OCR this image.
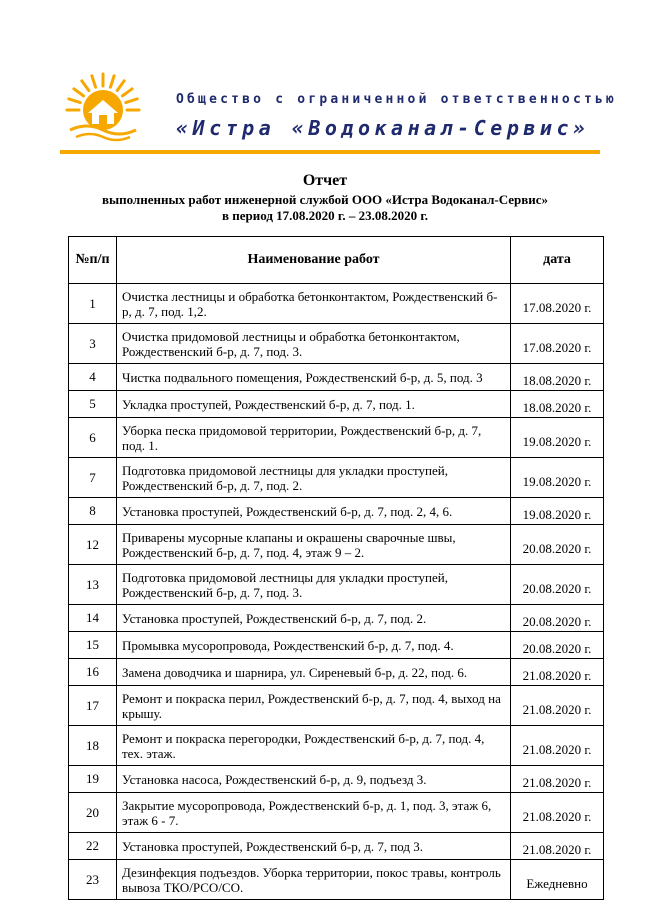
Общество с ограниченной ответственностью
«Истра «Водоканал-Сервис»
Отчет
выполненных работ инженерной службой ООО «Истра Водоканал-Сервис»
в период 17.08.2020 г. – 23.08.2020 г.
№п/п	Наименование работ	дата
1	Очистка лестницы и обработка бетонконтактом, Рождественский б-р, д. 7, под. 1,2.	17.08.2020 г.
3	Очистка придомовой лестницы и обработка бетонконтактом, Рождественский б-р, д. 7, под. 3.	17.08.2020 г.
4	Чистка подвального помещения, Рождественский б-р, д. 5, под. 3	18.08.2020 г.
5	Укладка проступей, Рождественский б-р, д. 7, под. 1.	18.08.2020 г.
6	Уборка песка придомовой территории, Рождественский б-р, д. 7, под. 1.	19.08.2020 г.
7	Подготовка придомовой лестницы для укладки проступей, Рождественский б-р, д. 7, под. 2.	19.08.2020 г.
8	Установка проступей, Рождественский б-р, д. 7, под. 2, 4, 6.	19.08.2020 г.
12	Приварены мусорные клапаны и окрашены сварочные швы, Рождественский б-р, д. 7, под. 4, этаж 9 – 2.	20.08.2020 г.
13	Подготовка придомовой лестницы для укладки проступей, Рождественский б-р, д. 7, под. 3.	20.08.2020 г.
14	Установка проступей, Рождественский б-р, д. 7, под. 2.	20.08.2020 г.
15	Промывка мусоропровода, Рождественский б-р, д. 7, под. 4.	20.08.2020 г.
16	Замена доводчика и шарнира, ул. Сиреневый б-р, д. 22, под. 6.	21.08.2020 г.
17	Ремонт и покраска перил, Рождественский б-р, д. 7, под. 4, выход на крышу.	21.08.2020 г.
18	Ремонт и покраска перегородки, Рождественский б-р, д. 7, под. 4, тех. этаж.	21.08.2020 г.
19	Установка насоса, Рождественский б-р, д. 9, подъезд 3.	21.08.2020 г.
20	Закрытие мусоропровода, Рождественский б-р, д. 1, под. 3, этаж 6, этаж 6 - 7.	21.08.2020 г.
22	Установка проступей, Рождественский б-р, д. 7, под 3.	21.08.2020 г.
23	Дезинфекция подъездов. Уборка территории, покос травы, контроль вывоза ТКО/РСО/СО.	Ежедневно
